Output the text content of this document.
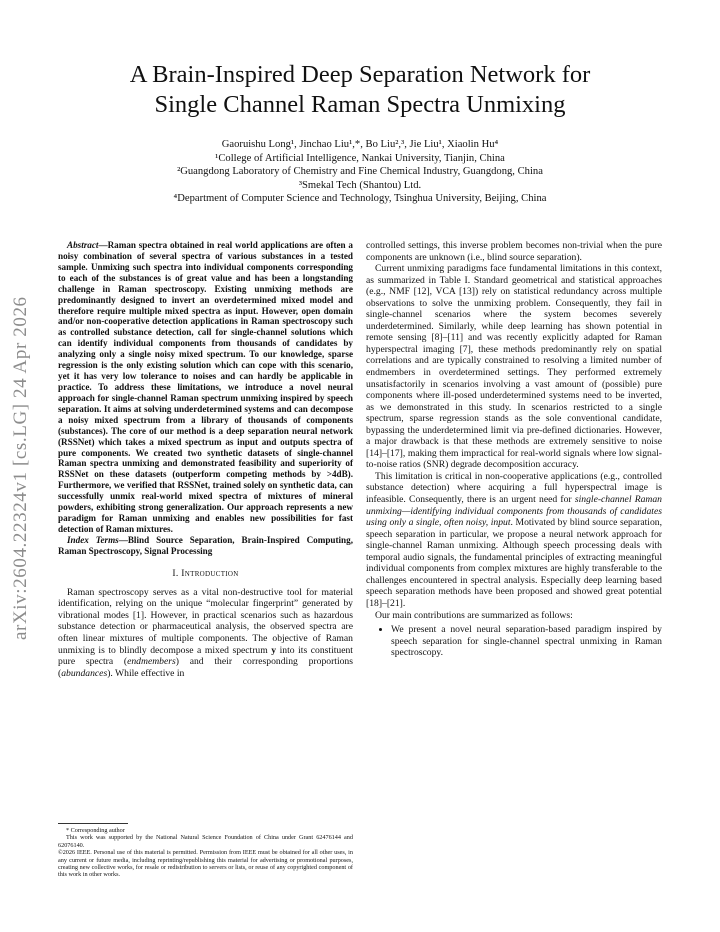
arXiv:2604.22324v1 [cs.LG] 24 Apr 2026
A Brain-Inspired Deep Separation Network for
Single Channel Raman Spectra Unmixing
Gaoruishu Long¹, Jinchao Liu¹,*, Bo Liu²,³, Jie Liu¹, Xiaolin Hu⁴
¹College of Artificial Intelligence, Nankai University, Tianjin, China
²Guangdong Laboratory of Chemistry and Fine Chemical Industry, Guangdong, China
³Smekal Tech (Shantou) Ltd.
⁴Department of Computer Science and Technology, Tsinghua University, Beijing, China

Abstract—Raman spectra obtained in real world applications are often a noisy combination of several spectra of various substances in a tested sample. Unmixing such spectra into individual components corresponding to each of the substances is of great value and has been a longstanding challenge in Raman spectroscopy. Existing unmixing methods are predominantly designed to invert an overdetermined mixed model and therefore require multiple mixed spectra as input. However, open domain and/or non-cooperative detection applications in Raman spectroscopy such as controlled substance detection, call for single-channel solutions which can identify individual components from thousands of candidates by analyzing only a single noisy mixed spectrum. To our knowledge, sparse regression is the only existing solution which can cope with this scenario, yet it has very low tolerance to noises and can hardly be applicable in practice. To address these limitations, we introduce a novel neural approach for single-channel Raman spectrum unmixing inspired by speech separation. It aims at solving underdetermined systems and can decompose a noisy mixed spectrum from a library of thousands of components (substances). The core of our method is a deep separation neural network (RSSNet) which takes a mixed spectrum as input and outputs spectra of pure components. We created two synthetic datasets of single-channel Raman spectra unmixing and demonstrated feasibility and superiority of RSSNet on these datasets (outperform competing methods by >4dB). Furthermore, we verified that RSSNet, trained solely on synthetic data, can successfully unmix real-world mixed spectra of mixtures of mineral powders, exhibiting strong generalization. Our approach represents a new paradigm for Raman unmixing and enables new possibilities for fast detection of Raman mixtures.

Index Terms—Blind Source Separation, Brain-Inspired Computing, Raman Spectroscopy, Signal Processing

I. Introduction

Raman spectroscopy serves as a vital non-destructive tool for material identification, relying on the unique “molecular fingerprint” generated by vibrational modes [1]. However, in practical scenarios such as hazardous substance detection or pharmaceutical analysis, the observed spectra are often linear mixtures of multiple components. The objective of Raman unmixing is to blindly decompose a mixed spectrum y into its constituent pure spectra (endmembers) and their corresponding proportions (abundances). While effective in

* Corresponding author
This work was supported by the National Natural Science Foundation of China under Grant 62476144 and 62076140.
©2026 IEEE. Personal use of this material is permitted. Permission from IEEE must be obtained for all other uses, in any current or future media, including reprinting/republishing this material for advertising or promotional purposes, creating new collective works, for resale or redistribution to servers or lists, or reuse of any copyrighted component of this work in other works.

controlled settings, this inverse problem becomes non-trivial when the pure components are unknown (i.e., blind source separation).

Current unmixing paradigms face fundamental limitations in this context, as summarized in Table I. Standard geometrical and statistical approaches (e.g., NMF [12], VCA [13]) rely on statistical redundancy across multiple observations to solve the unmixing problem. Consequently, they fail in single-channel scenarios where the system becomes severely underdetermined. Similarly, while deep learning has shown potential in remote sensing [8]–[11] and was recently explicitly adapted for Raman hyperspectral imaging [7], these methods predominantly rely on spatial correlations and are typically constrained to resolving a limited number of endmembers in overdetermined settings. They performed extremely unsatisfactorily in scenarios involving a vast amount of (possible) pure components where ill-posed underdetermined systems need to be inverted, as we demonstrated in this study. In scenarios restricted to a single spectrum, sparse regression stands as the sole conventional candidate, bypassing the underdetermined limit via pre-defined dictionaries. However, a major drawback is that these methods are extremely sensitive to noise [14]–[17], making them impractical for real-world signals where low signal-to-noise ratios (SNR) degrade decomposition accuracy.

This limitation is critical in non-cooperative applications (e.g., controlled substance detection) where acquiring a full hyperspectral image is infeasible. Consequently, there is an urgent need for single-channel Raman unmixing—identifying individual components from thousands of candidates using only a single, often noisy, input. Motivated by blind source separation, speech separation in particular, we propose a neural network approach for single-channel Raman unmixing. Although speech processing deals with temporal audio signals, the fundamental principles of extracting meaningful individual components from complex mixtures are highly transferable to the challenges encountered in spectral analysis. Especially deep learning based speech separation methods have been proposed and showed great potential [18]–[21].

Our main contributions are summarized as follows:

• We present a novel neural separation-based paradigm inspired by speech separation for single-channel spectral unmixing in Raman spectroscopy.
